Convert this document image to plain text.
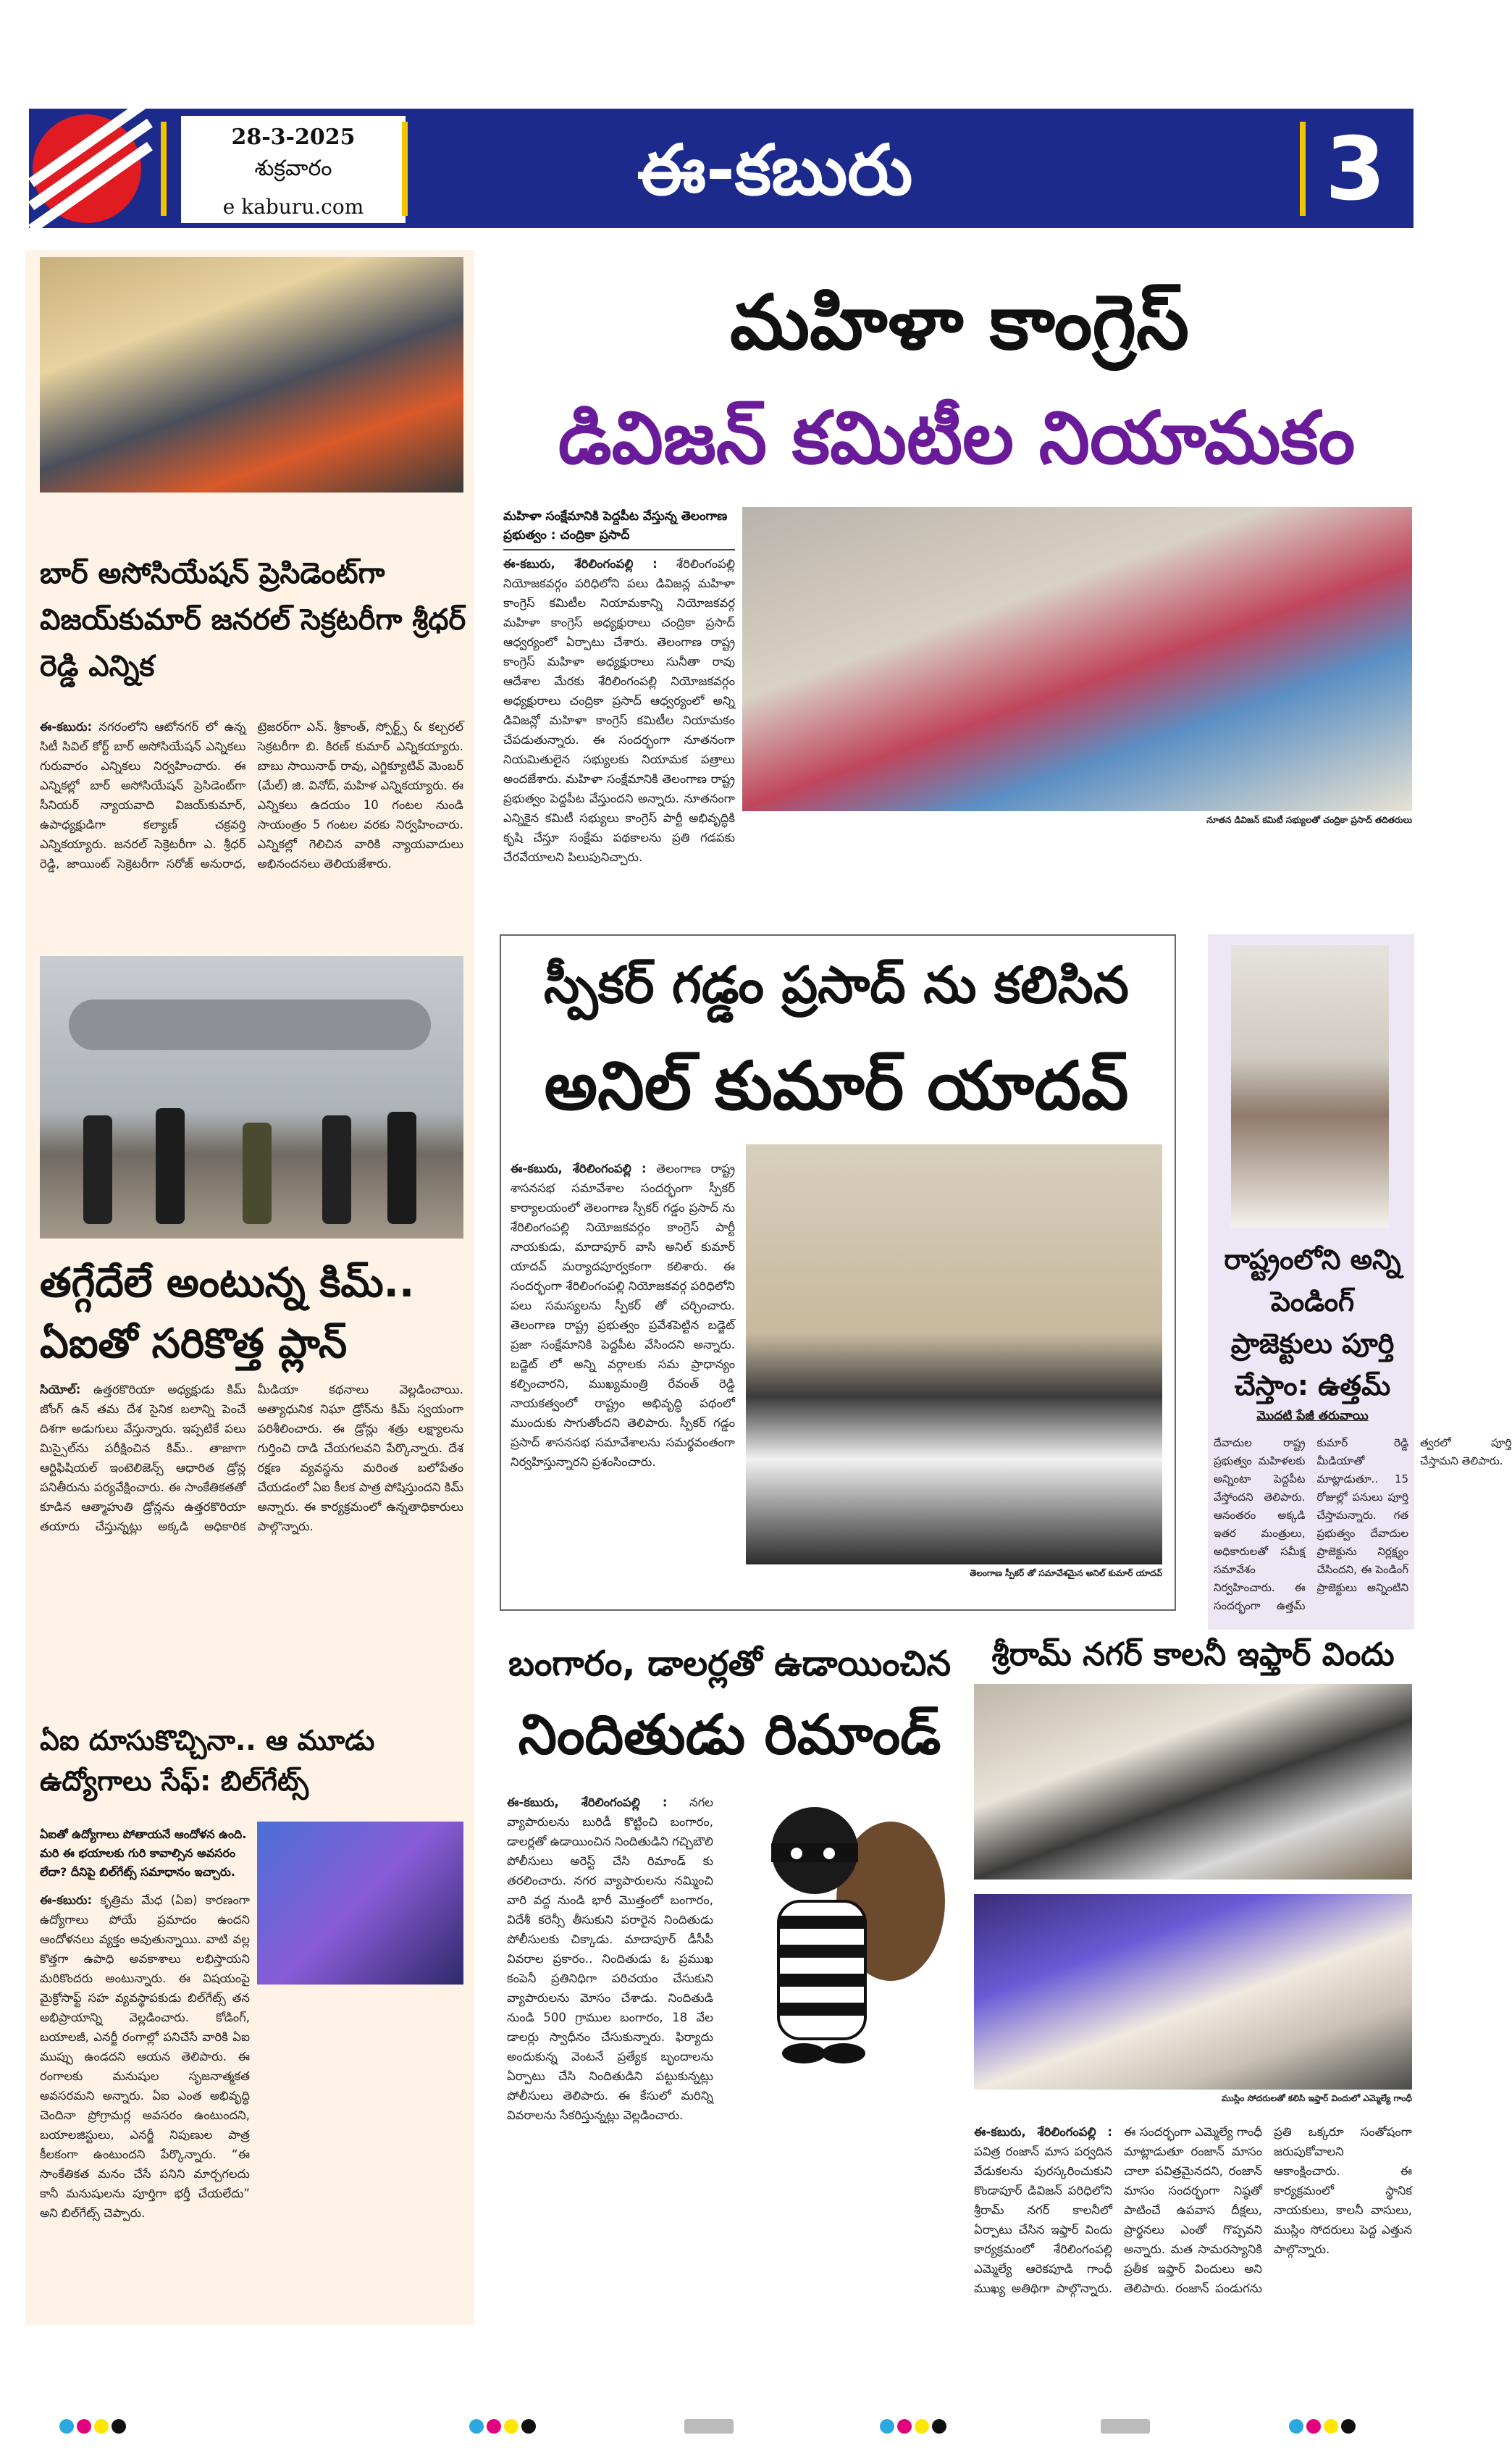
28-3-2025
శుక్రవారం
e kaburu.com	ఈ-కబురు	3
బార్ అసోసియేషన్ ప్రెసిడెంట్‌గా విజయ్‌కుమార్ జనరల్ సెక్రటరీగా శ్రీధర్ రెడ్డి ఎన్నిక
ఈ-కబురు: నగరంలోని ఆటోనగర్ లో ఉన్న సిటీ సివిల్ కోర్ట్ బార్ అసోసియేషన్ ఎన్నికలు గురువారం ఎన్నికలు నిర్వహించారు. ఈ ఎన్నికల్లో బార్ అసోసియేషన్ ప్రెసిడెంట్‌గా సీనియర్ న్యాయవాది విజయ్‌కుమార్, ఉపాధ్యక్షుడిగా కల్యాణ్ చక్రవర్తి ఎన్నికయ్యారు. జనరల్ సెక్రెటరీగా ఎ. శ్రీధర్ రెడ్డి, జాయింట్ సెక్రెటరీగా సరోజ్ అనురాధ, ట్రెజరర్‌గా ఎన్. శ్రీకాంత్, స్పోర్ట్స్ & కల్చరల్ సెక్రటరీగా బి. కిరణ్ కుమార్ ఎన్నికయ్యారు. బాబు సాయినాథ్ రావు, ఎగ్జిక్యూటివ్ మెంబర్ (మేల్) జి. వినోద్, మహిళ ఎన్నికయ్యారు. ఈ ఎన్నికలు ఉదయం 10 గంటల నుండి సాయంత్రం 5 గంటల వరకు నిర్వహించారు. ఎన్నికల్లో గెలిచిన వారికి న్యాయవాదులు అభినందనలు తెలియజేశారు.
తగ్గేదేలే అంటున్న కిమ్.. ఏఐతో సరికొత్త ప్లాన్
సియోల్: ఉత్తరకొరియా అధ్యక్షుడు కిమ్ జోంగ్ ఉన్ తమ దేశ సైనిక బలాన్ని పెంచే దిశగా అడుగులు వేస్తున్నారు. ఇప్పటికే పలు మిస్సైల్‌ను పరీక్షించిన కిమ్.. తాజాగా ఆర్టిఫిషియల్ ఇంటెలిజెన్స్ ఆధారిత డ్రోన్ల పనితీరును పర్యవేక్షించారు. ఈ సాంకేతికతతో కూడిన ఆత్మాహుతి డ్రోన్లను ఉత్తరకొరియా తయారు చేస్తున్నట్లు అక్కడి అధికారిక మీడియా కథనాలు వెల్లడించాయి. అత్యాధునిక నిఘా డ్రోన్‌ను కిమ్ స్వయంగా పరిశీలించారు. ఈ డ్రోన్లు శత్రు లక్ష్యాలను గుర్తించి దాడి చేయగలవని పేర్కొన్నారు. దేశ రక్షణ వ్యవస్థను మరింత బలోపేతం చేయడంలో ఏఐ కీలక పాత్ర పోషిస్తుందని కిమ్ అన్నారు. ఈ కార్యక్రమంలో ఉన్నతాధికారులు పాల్గొన్నారు.
ఏఐ దూసుకొచ్చినా.. ఆ మూడు ఉద్యోగాలు సేఫ్: బిల్‌గేట్స్
ఏఐతో ఉద్యోగాలు పోతాయనే ఆందోళన ఉంది. మరి ఈ భయాలకు గురి కావాల్సిన అవసరం లేదా? దీనిపై బిల్‌గేట్స్ సమాధానం ఇచ్చారు.
ఈ-కబురు: కృత్రిమ మేధ (ఏఐ) కారణంగా ఉద్యోగాలు పోయే ప్రమాదం ఉందని ఆందోళనలు వ్యక్తం అవుతున్నాయి. వాటి వల్ల కొత్తగా ఉపాధి అవకాశాలు లభిస్తాయని మరికొందరు అంటున్నారు. ఈ విషయంపై మైక్రోసాఫ్ట్ సహ వ్యవస్థాపకుడు బిల్‌గేట్స్ తన అభిప్రాయాన్ని వెల్లడించారు. కోడింగ్, బయాలజీ, ఎనర్జీ రంగాల్లో పనిచేసే వారికి ఏఐ ముప్పు ఉండదని ఆయన తెలిపారు. ఈ రంగాలకు మనుషుల సృజనాత్మకత అవసరమని అన్నారు. ఏఐ ఎంత అభివృద్ధి చెందినా ప్రోగ్రామర్ల అవసరం ఉంటుందని, బయాలజిస్టులు, ఎనర్జీ నిపుణుల పాత్ర కీలకంగా ఉంటుందని పేర్కొన్నారు. “ఈ సాంకేతికత మనం చేసే పనిని మార్చగలదు కానీ మనుషులను పూర్తిగా భర్తీ చేయలేదు” అని బిల్‌గేట్స్ చెప్పారు.
మహిళా కాంగ్రెస్
డివిజన్ కమిటీల నియామకం
మహిళా సంక్షేమానికి పెద్దపీట వేస్తున్న తెలంగాణ ప్రభుత్వం : చంద్రికా ప్రసాద్
నూతన డివిజన్ కమిటీ సభ్యులతో చంద్రికా ప్రసాద్ తదితరులు
ఈ-కబురు, శేరిలింగంపల్లి : శేరిలింగంపల్లి నియోజకవర్గం పరిధిలోని పలు డివిజన్ల మహిళా కాంగ్రెస్ కమిటీల నియామకాన్ని నియోజకవర్గ మహిళా కాంగ్రెస్ అధ్యక్షురాలు చంద్రికా ప్రసాద్ ఆధ్వర్యంలో ఏర్పాటు చేశారు. తెలంగాణ రాష్ట్ర కాంగ్రెస్ మహిళా అధ్యక్షురాలు సునీతా రావు ఆదేశాల మేరకు శేరిలింగంపల్లి నియోజకవర్గం అధ్యక్షురాలు చంద్రికా ప్రసాద్ ఆధ్వర్యంలో అన్ని డివిజన్లో మహిళా కాంగ్రెస్ కమిటీల నియామకం చేపడుతున్నారు. ఈ సందర్భంగా నూతనంగా నియమితులైన సభ్యులకు నియామక పత్రాలు అందజేశారు. మహిళా సంక్షేమానికి తెలంగాణ రాష్ట్ర ప్రభుత్వం పెద్దపీట వేస్తుందని అన్నారు. నూతనంగా ఎన్నికైన కమిటీ సభ్యులు కాంగ్రెస్ పార్టీ అభివృద్ధికి కృషి చేస్తూ సంక్షేమ పథకాలను ప్రతి గడపకు చేరవేయాలని పిలుపునిచ్చారు.
స్పీకర్ గడ్డం ప్రసాద్ ను కలిసిన
అనిల్ కుమార్ యాదవ్
ఈ-కబురు, శేరిలింగంపల్లి : తెలంగాణ రాష్ట్ర శాసనసభ సమావేశాల సందర్భంగా స్పీకర్ కార్యాలయంలో తెలంగాణ స్పీకర్ గడ్డం ప్రసాద్ ను శేరిలింగంపల్లి నియోజకవర్గం కాంగ్రెస్ పార్టీ నాయకుడు, మాదాపూర్ వాసి అనిల్ కుమార్ యాదవ్ మర్యాదపూర్వకంగా కలిశారు. ఈ సందర్భంగా శేరిలింగంపల్లి నియోజకవర్గ పరిధిలోని పలు సమస్యలను స్పీకర్ తో చర్చించారు. తెలంగాణ రాష్ట్ర ప్రభుత్వం ప్రవేశపెట్టిన బడ్జెట్ ప్రజా సంక్షేమానికి పెద్దపీట వేసిందని అన్నారు. బడ్జెట్ లో అన్ని వర్గాలకు సమ ప్రాధాన్యం కల్పించారని, ముఖ్యమంత్రి రేవంత్ రెడ్డి నాయకత్వంలో రాష్ట్రం అభివృద్ధి పథంలో ముందుకు సాగుతోందని తెలిపారు. స్పీకర్ గడ్డం ప్రసాద్ శాసనసభ సమావేశాలను సమర్థవంతంగా నిర్వహిస్తున్నారని ప్రశంసించారు.
తెలంగాణ స్పీకర్ తో సమావేశమైన అనిల్ కుమార్ యాదవ్
రాష్ట్రంలోని అన్ని పెండింగ్ ప్రాజెక్టులు పూర్తి చేస్తాం: ఉత్తమ్
మొదటి పేజీ తరువాయి
దేవాదుల రాష్ట్ర ప్రభుత్వం మహిళలకు అన్నింటా పెద్దపీట వేస్తోందని తెలిపారు. ఆనంతరం అక్కడి ఇతర మంత్రులు, అధికారులతో సమీక్ష సమావేశం నిర్వహించారు. ఈ సందర్భంగా ఉత్తమ్ కుమార్ రెడ్డి మీడియాతో మాట్లాడుతూ.. 15 రోజుల్లో పనులు పూర్తి చేస్తామన్నారు. గత ప్రభుత్వం దేవాదుల ప్రాజెక్టును నిర్లక్ష్యం చేసిందని, ఈ పెండింగ్ ప్రాజెక్టులు అన్నింటిని త్వరలో పూర్తి చేస్తామని తెలిపారు.
బంగారం, డాలర్లతో ఉడాయించిన
నిందితుడు రిమాండ్
ఈ-కబురు, శేరిలింగంపల్లి : నగల వ్యాపారులను బురిడీ కొట్టించి బంగారం, డాలర్లతో ఉడాయించిన నిందితుడిని గచ్చిబౌలి పోలీసులు అరెస్ట్ చేసి రిమాండ్ కు తరలించారు. నగర వ్యాపారులను నమ్మించి వారి వద్ద నుండి భారీ మొత్తంలో బంగారం, విదేశీ కరెన్సీ తీసుకుని పరారైన నిందితుడు పోలీసులకు చిక్కాడు. మాదాపూర్ డీసీపీ వివరాల ప్రకారం.. నిందితుడు ఓ ప్రముఖ కంపెనీ ప్రతినిధిగా పరిచయం చేసుకుని వ్యాపారులను మోసం చేశాడు. నిందితుడి నుండి 500 గ్రాముల బంగారం, 18 వేల డాలర్లు స్వాధీనం చేసుకున్నారు. ఫిర్యాదు అందుకున్న వెంటనే ప్రత్యేక బృందాలను ఏర్పాటు చేసి నిందితుడిని పట్టుకున్నట్లు పోలీసులు తెలిపారు. ఈ కేసులో మరిన్ని వివరాలను సేకరిస్తున్నట్లు వెల్లడించారు.
శ్రీరామ్ నగర్ కాలనీ ఇఫ్తార్ విందు
ముస్లిం సోదరులతో కలిసి ఇఫ్తార్ విందులో ఎమ్మెల్యే గాంధీ
ఈ-కబురు, శేరిలింగంపల్లి : పవిత్ర రంజాన్ మాస పర్వదిన వేడుకలను పురస్కరించుకుని కొండాపూర్ డివిజన్ పరిధిలోని శ్రీరామ్ నగర్ కాలనీలో ఏర్పాటు చేసిన ఇఫ్తార్ విందు కార్యక్రమంలో శేరిలింగంపల్లి ఎమ్మెల్యే ఆరెకపూడి గాంధీ ముఖ్య అతిథిగా పాల్గొన్నారు. ఈ సందర్భంగా ఎమ్మెల్యే గాంధీ మాట్లాడుతూ రంజాన్ మాసం చాలా పవిత్రమైనదని, రంజాన్ మాసం సందర్భంగా నిష్ఠతో పాటించే ఉపవాస దీక్షలు, ప్రార్థనలు ఎంతో గొప్పవని అన్నారు. మత సామరస్యానికి ప్రతీక ఇఫ్తార్ విందులు అని తెలిపారు. రంజాన్ పండుగను ప్రతి ఒక్కరూ సంతోషంగా జరుపుకోవాలని ఆకాంక్షించారు. ఈ కార్యక్రమంలో స్థానిక నాయకులు, కాలనీ వాసులు, ముస్లిం సోదరులు పెద్ద ఎత్తున పాల్గొన్నారు.
